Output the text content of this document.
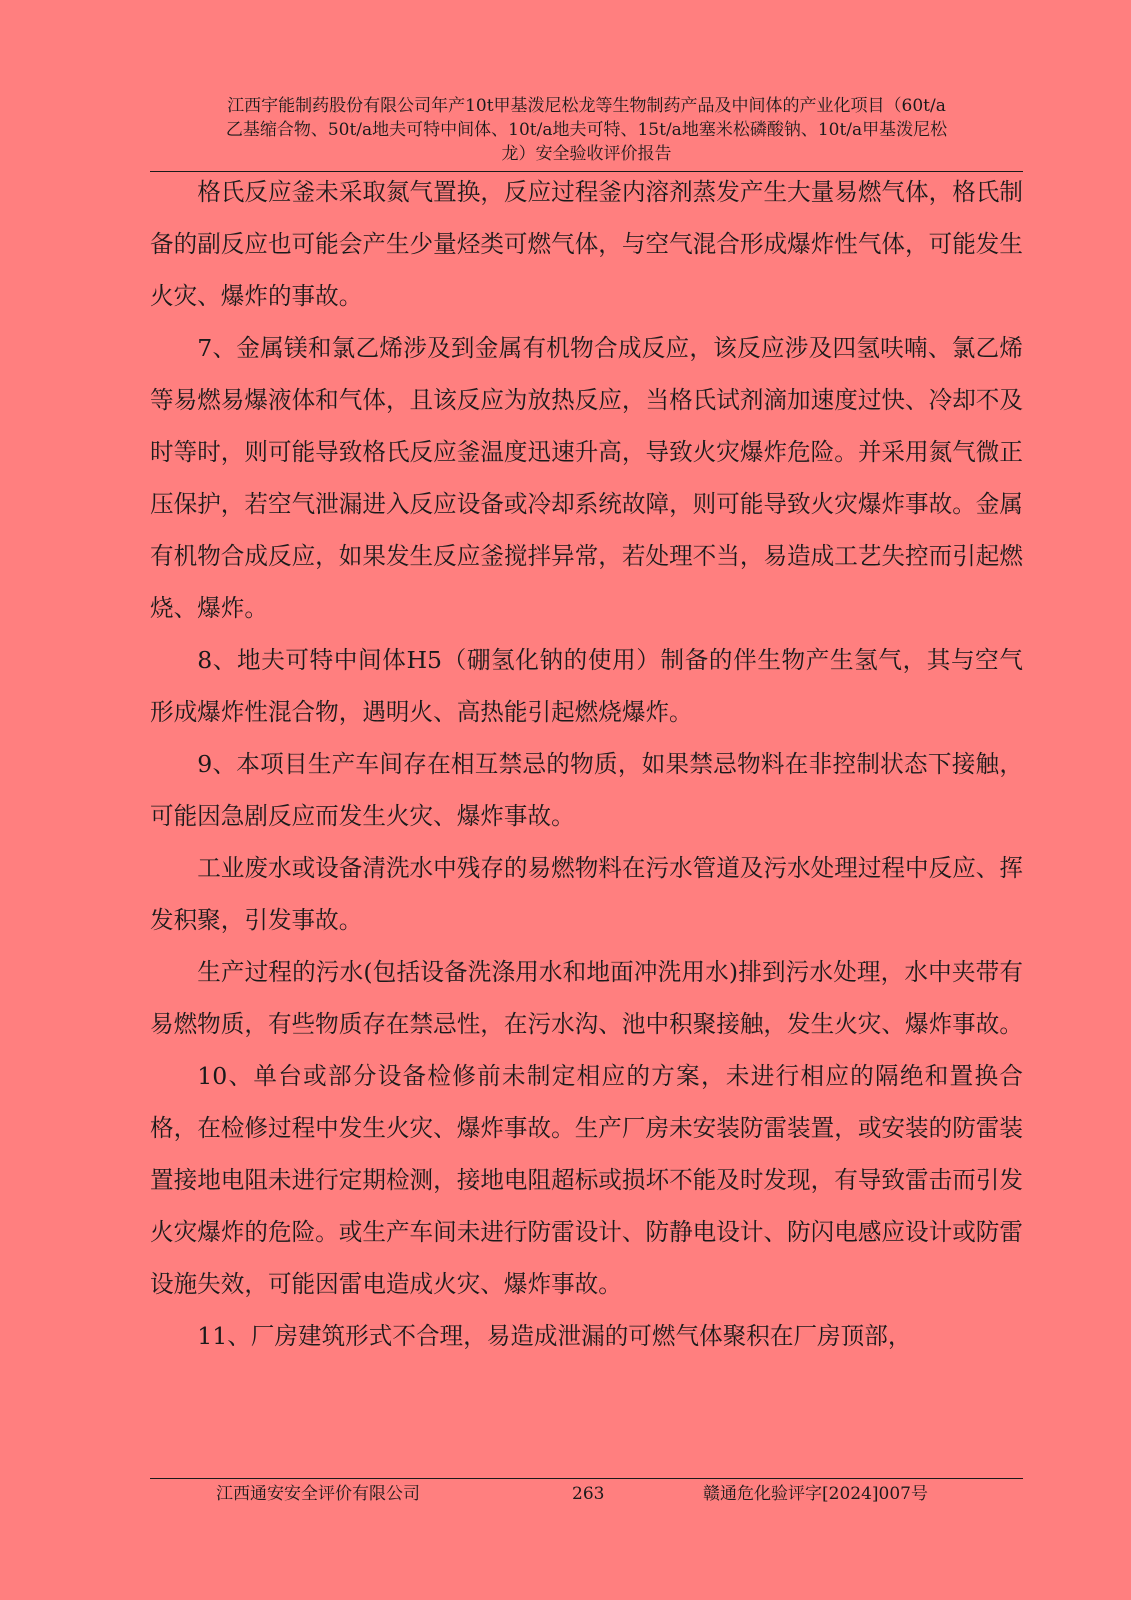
江西宇能制药股份有限公司年产10t甲基泼尼松龙等生物制药产品及中间体的产业化项目（60t/a
乙基缩合物、50t/a地夫可特中间体、10t/a地夫可特、15t/a地塞米松磷酸钠、10t/a甲基泼尼松
龙）安全验收评价报告

格氏反应釜未采取氮气置换，反应过程釜内溶剂蒸发产生大量易燃气体，格氏制备的副反应也可能会产生少量烃类可燃气体，与空气混合形成爆炸性气体，可能发生火灾、爆炸的事故。

7、金属镁和氯乙烯涉及到金属有机物合成反应，该反应涉及四氢呋喃、氯乙烯等易燃易爆液体和气体，且该反应为放热反应，当格氏试剂滴加速度过快、冷却不及时等时，则可能导致格氏反应釜温度迅速升高，导致火灾爆炸危险。并采用氮气微正压保护，若空气泄漏进入反应设备或冷却系统故障，则可能导致火灾爆炸事故。金属有机物合成反应，如果发生反应釜搅拌异常，若处理不当，易造成工艺失控而引起燃烧、爆炸。

8、地夫可特中间体H5（硼氢化钠的使用）制备的伴生物产生氢气，其与空气形成爆炸性混合物，遇明火、高热能引起燃烧爆炸。

9、本项目生产车间存在相互禁忌的物质，如果禁忌物料在非控制状态下接触，可能因急剧反应而发生火灾、爆炸事故。

工业废水或设备清洗水中残存的易燃物料在污水管道及污水处理过程中反应、挥发积聚，引发事故。

生产过程的污水(包括设备洗涤用水和地面冲洗用水)排到污水处理，水中夹带有易燃物质，有些物质存在禁忌性，在污水沟、池中积聚接触，发生火灾、爆炸事故。

10、单台或部分设备检修前未制定相应的方案，未进行相应的隔绝和置换合格，在检修过程中发生火灾、爆炸事故。生产厂房未安装防雷装置，或安装的防雷装置接地电阻未进行定期检测，接地电阻超标或损坏不能及时发现，有导致雷击而引发火灾爆炸的危险。或生产车间未进行防雷设计、防静电设计、防闪电感应设计或防雷设施失效，可能因雷电造成火灾、爆炸事故。

11、厂房建筑形式不合理，易造成泄漏的可燃气体聚积在厂房顶部，

江西通安安全评价有限公司	263	赣通危化验评字[2024]007号
